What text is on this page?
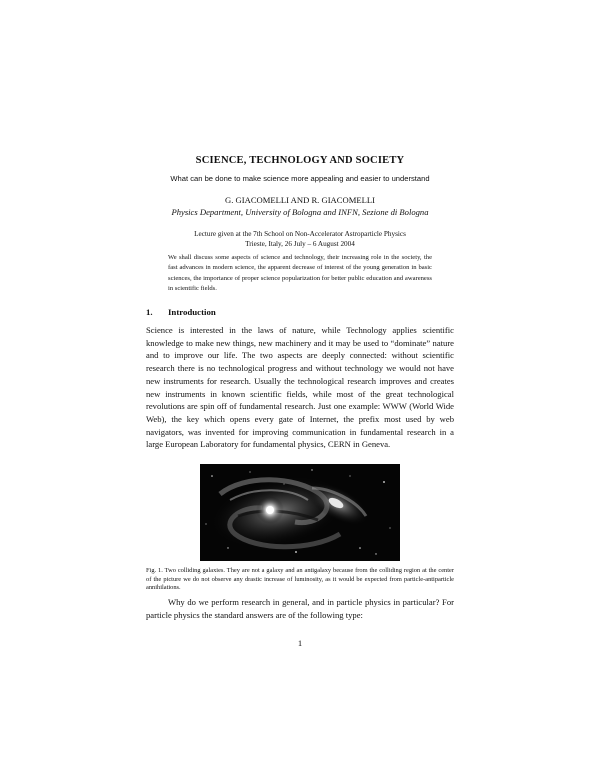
SCIENCE, TECHNOLOGY AND SOCIETY
What can be done to make science more appealing and easier to understand
G. GIACOMELLI AND R. GIACOMELLI
Physics Department, University of Bologna and INFN, Sezione di Bologna
Lecture given at the 7th School on Non-Accelerator Astroparticle Physics
Trieste, Italy, 26 July – 6 August 2004
We shall discuss some aspects of science and technology, their increasing role in the society, the fast advances in modern science, the apparent decrease of interest of the young generation in basic sciences, the importance of proper science popularization for better public education and awareness in scientific fields.
1. Introduction
Science is interested in the laws of nature, while Technology applies scientific knowledge to make new things, new machinery and it may be used to “dominate” nature and to improve our life. The two aspects are deeply connected: without scientific research there is no technological progress and without technology we would not have new instruments for research. Usually the technological research improves and creates new instruments in known scientific fields, while most of the great technological revolutions are spin off of fundamental research. Just one example: WWW (World Wide Web), the key which opens every gate of Internet, the prefix most used by web navigators, was invented for improving communication in fundamental research in a large European Laboratory for fundamental physics, CERN in Geneva.
Fig. 1. Two colliding galaxies. They are not a galaxy and an antigalaxy because from the colliding region at the center of the picture we do not observe any drastic increase of luminosity, as it would be expected from particle-antiparticle annihilations.
Why do we perform research in general, and in particle physics in particular? For particle physics the standard answers are of the following type:
1
